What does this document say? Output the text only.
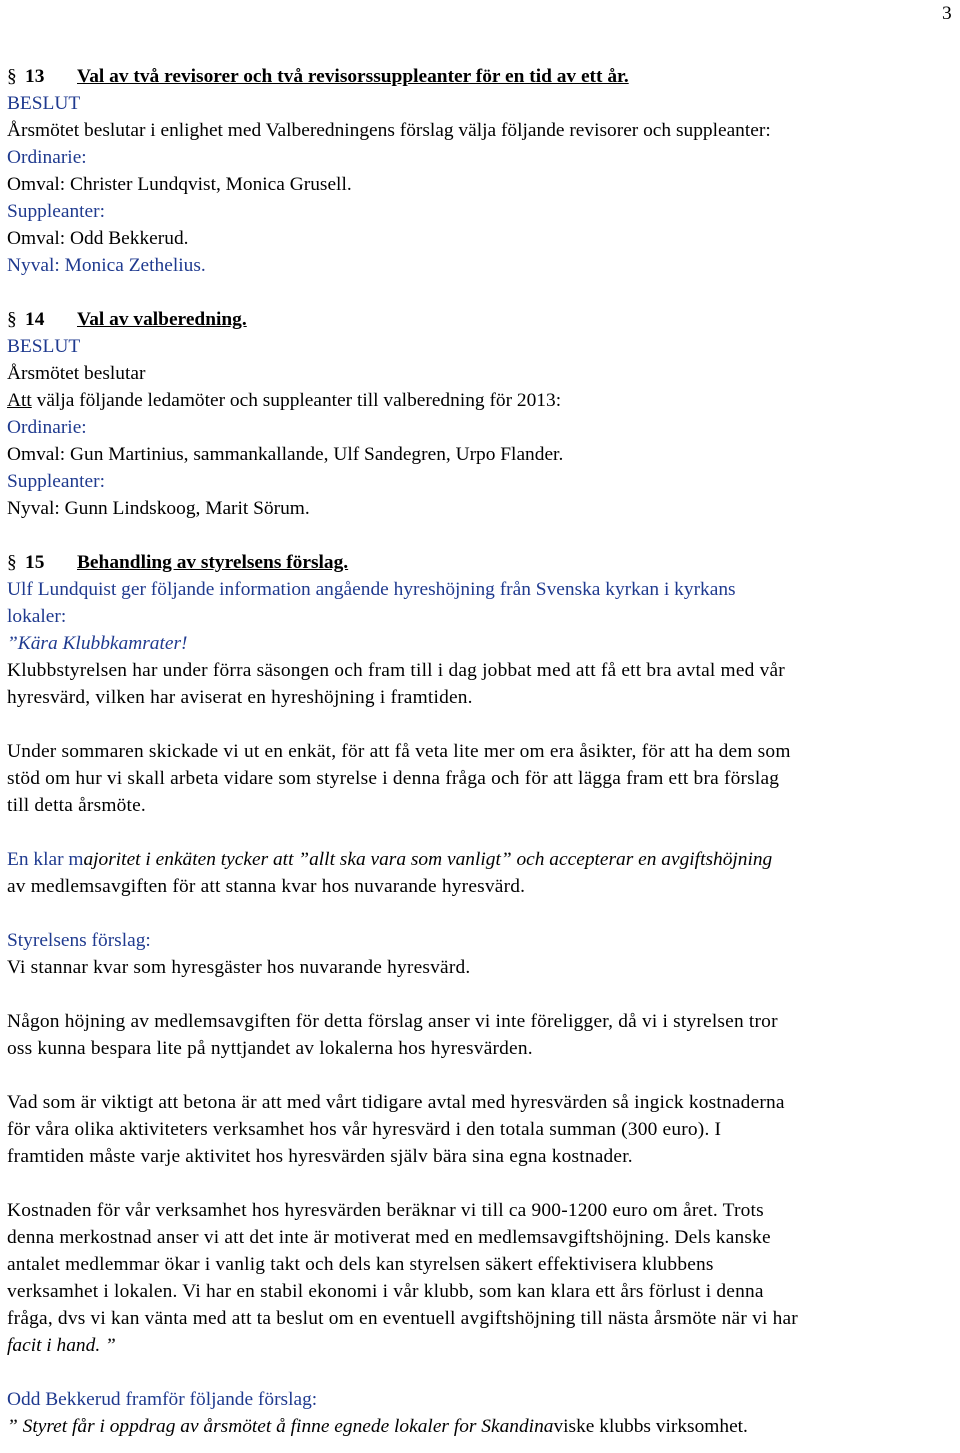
3
§ 13	Val av två revisorer och två revisorssuppleanter för en tid av ett år.
BESLUT
Årsmötet beslutar i enlighet med Valberedningens förslag välja följande revisorer och suppleanter:
Ordinarie:
Omval: Christer Lundqvist, Monica Grusell.
Suppleanter:
Omval: Odd Bekkerud.
Nyval: Monica Zethelius.
§ 14	Val av valberedning.
BESLUT
Årsmötet beslutar
Att välja följande ledamöter och suppleanter till valberedning för 2013:
Ordinarie:
Omval: Gun Martinius, sammankallande, Ulf Sandegren, Urpo Flander.
Suppleanter:
Nyval: Gunn Lindskoog, Marit Sörum.
§ 15	Behandling av styrelsens förslag.
Ulf Lundquist ger följande information angående hyreshöjning från Svenska kyrkan i kyrkans
lokaler:
”Kära Klubbkamrater!
Klubbstyrelsen har under förra säsongen och fram till i dag jobbat med att få ett bra avtal med vår
hyresvärd, vilken har aviserat en hyreshöjning i framtiden.
Under sommaren skickade vi ut en enkät, för att få veta lite mer om era åsikter, för att ha dem som
stöd om hur vi skall arbeta vidare som styrelse i denna fråga och för att lägga fram ett bra förslag
till detta årsmöte.
En klar majoritet i enkäten tycker att ”allt ska vara som vanligt” och accepterar en avgiftshöjning
av medlemsavgiften för att stanna kvar hos nuvarande hyresvärd.
Styrelsens förslag:
Vi stannar kvar som hyresgäster hos nuvarande hyresvärd.
Någon höjning av medlemsavgiften för detta förslag anser vi inte föreligger, då vi i styrelsen tror
oss kunna bespara lite på nyttjandet av lokalerna hos hyresvärden.
Vad som är viktigt att betona är att med vårt tidigare avtal med hyresvärden så ingick kostnaderna
för våra olika aktiviteters verksamhet hos vår hyresvärd i den totala summan (300 euro). I
framtiden måste varje aktivitet hos hyresvärden själv bära sina egna kostnader.
Kostnaden för vår verksamhet hos hyresvärden beräknar vi till ca 900-1200 euro om året. Trots
denna merkostnad anser vi att det inte är motiverat med en medlemsavgiftshöjning. Dels kanske
antalet medlemmar ökar i vanlig takt och dels kan styrelsen säkert effektivisera klubbens
verksamhet i lokalen. Vi har en stabil ekonomi i vår klubb, som kan klara ett års förlust i denna
fråga, dvs vi kan vänta med att ta beslut om en eventuell avgiftshöjning till nästa årsmöte när vi har
facit i hand. ”
Odd Bekkerud framför följande förslag:
” Styret får i oppdrag av årsmötet å finne egnede lokaler for Skandinaviske klubbs virksomhet.
